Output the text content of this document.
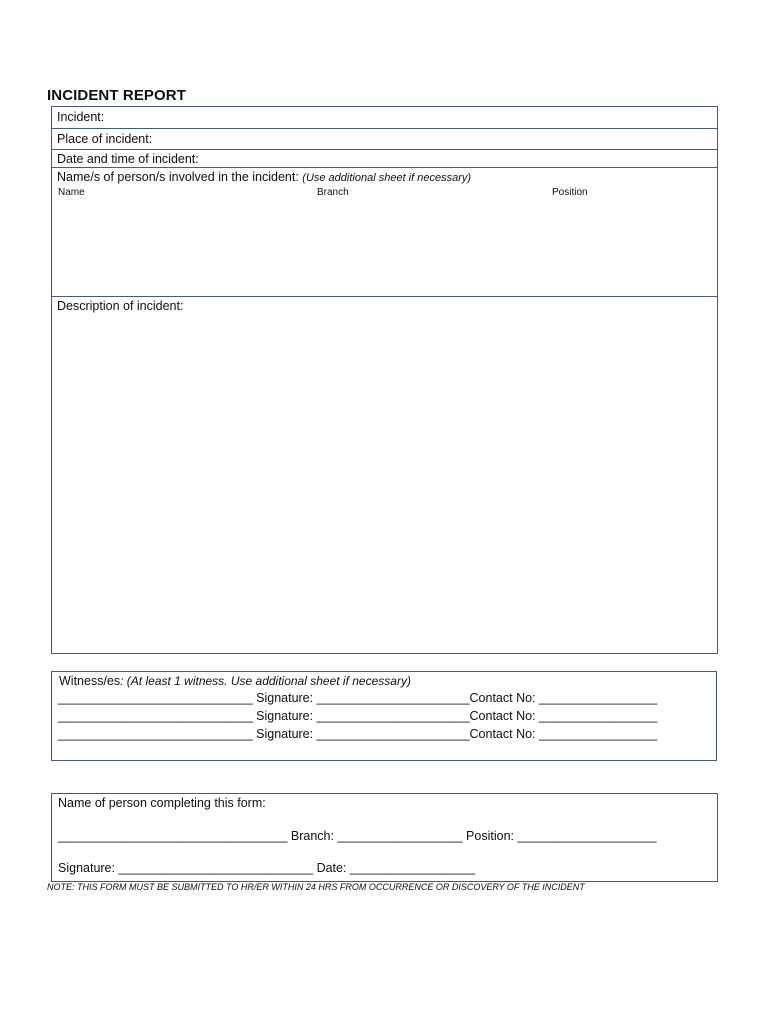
INCIDENT REPORT
Incident:
Place of incident:
Date and time of incident:
Name/s of person/s involved in the incident: (Use additional sheet if necessary)
Name	Branch	Position
Description of incident:
Witness/es: (At least 1 witness. Use additional sheet if necessary)
____________________________ Signature: ______________________Contact No: _________________
____________________________ Signature: ______________________Contact No: _________________
____________________________ Signature: ______________________Contact No: _________________
Name of person completing this form:
_________________________________ Branch: __________________ Position: ____________________
Signature: ____________________________ Date: __________________
NOTE: THIS FORM MUST BE SUBMITTED TO HR/ER WITHIN 24 HRS FROM OCCURRENCE OR DISCOVERY OF THE INCIDENT
